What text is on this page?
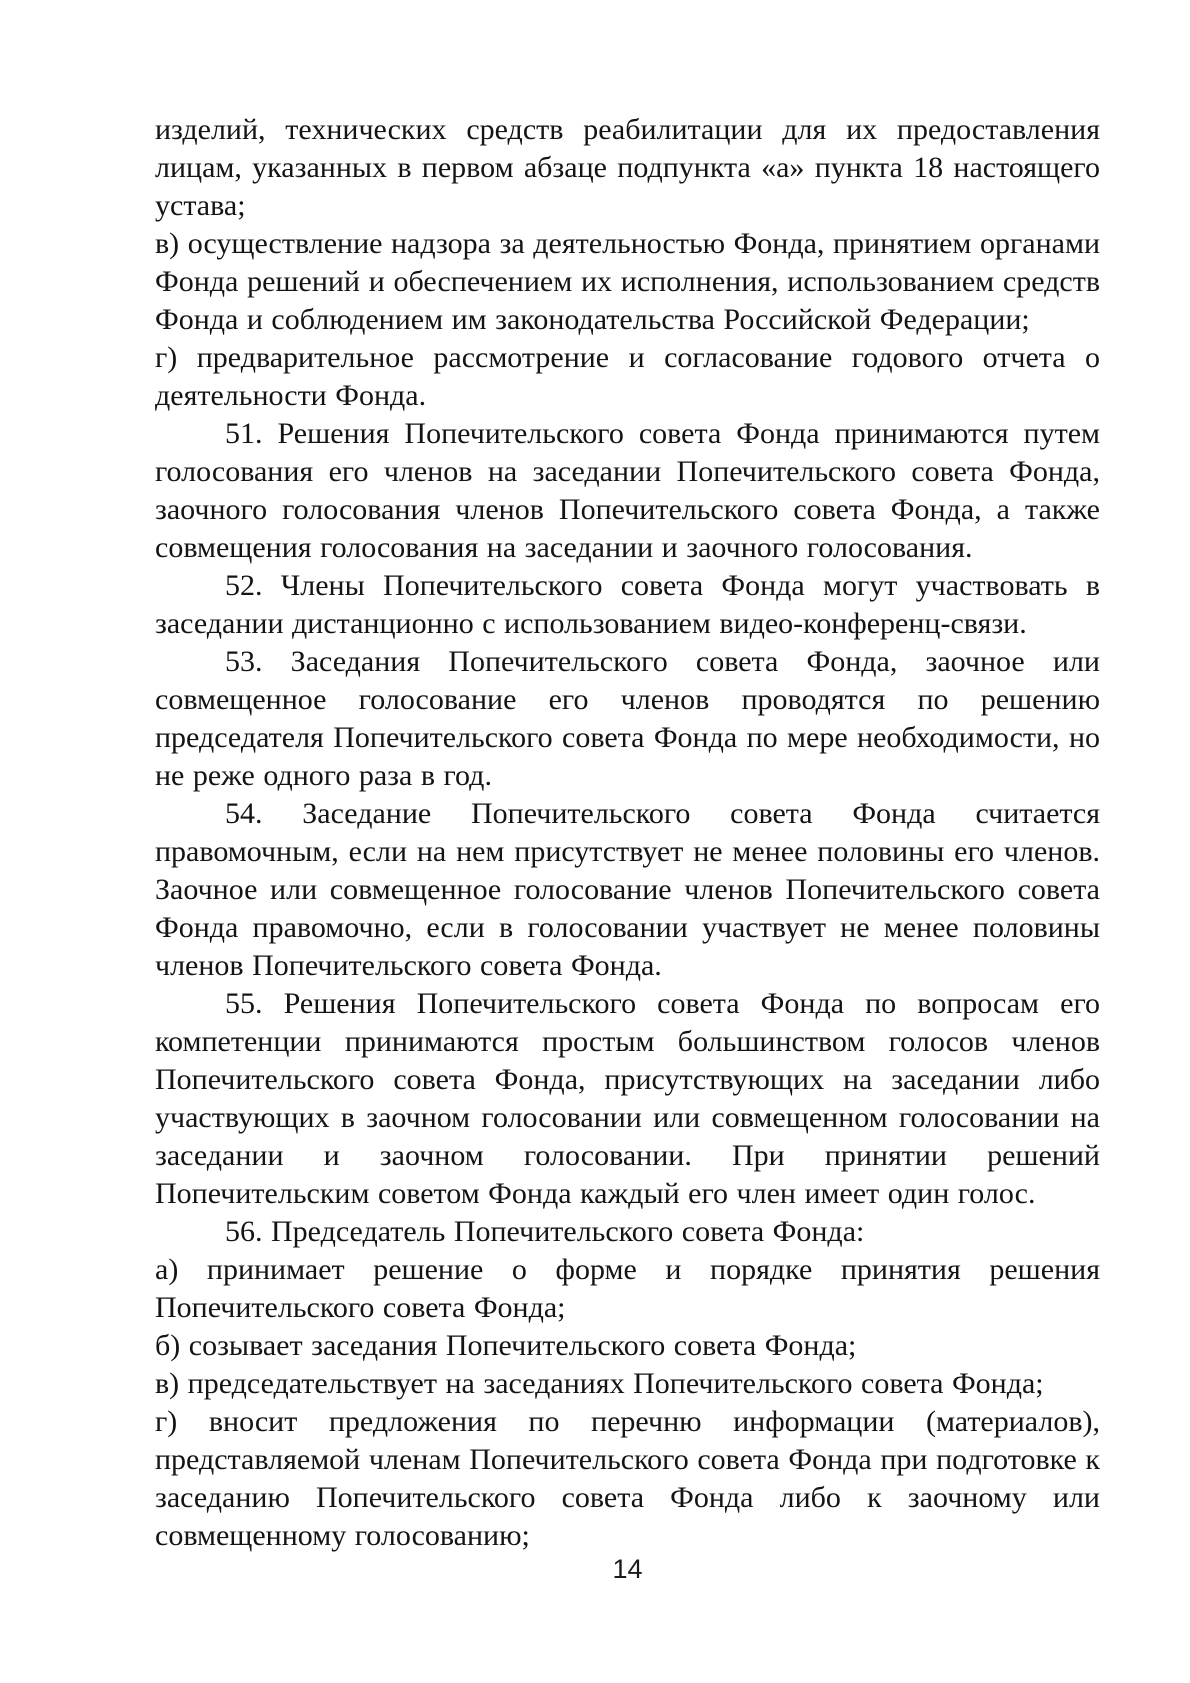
изделий, технических средств реабилитации для их предоставления лицам, указанных в первом абзаце подпункта «а» пункта 18 настоящего устава;

в) осуществление надзора за деятельностью Фонда, принятием органами Фонда решений и обеспечением их исполнения, использованием средств Фонда и соблюдением им законодательства Российской Федерации;

г) предварительное рассмотрение и согласование годового отчета о деятельности Фонда.

51. Решения Попечительского совета Фонда принимаются путем голосования его членов на заседании Попечительского совета Фонда, заочного голосования членов Попечительского совета Фонда, а также совмещения голосования на заседании и заочного голосования.

52. Члены Попечительского совета Фонда могут участвовать в заседании дистанционно с использованием видео-конференц-связи.

53. Заседания Попечительского совета Фонда, заочное или совмещенное голосование его членов проводятся по решению председателя Попечительского совета Фонда по мере необходимости, но не реже одного раза в год.

54. Заседание Попечительского совета Фонда считается правомочным, если на нем присутствует не менее половины его членов. Заочное или совмещенное голосование членов Попечительского совета Фонда правомочно, если в голосовании участвует не менее половины членов Попечительского совета Фонда.

55. Решения Попечительского совета Фонда по вопросам его компетенции принимаются простым большинством голосов членов Попечительского совета Фонда, присутствующих на заседании либо участвующих в заочном голосовании или совмещенном голосовании на заседании и заочном голосовании. При принятии решений Попечительским советом Фонда каждый его член имеет один голос.

56. Председатель Попечительского совета Фонда:

а) принимает решение о форме и порядке принятия решения Попечительского совета Фонда;

б) созывает заседания Попечительского совета Фонда;

в) председательствует на заседаниях Попечительского совета Фонда;

г) вносит предложения по перечню информации (материалов), представляемой членам Попечительского совета Фонда при подготовке к заседанию Попечительского совета Фонда либо к заочному или совмещенному голосованию;

14
